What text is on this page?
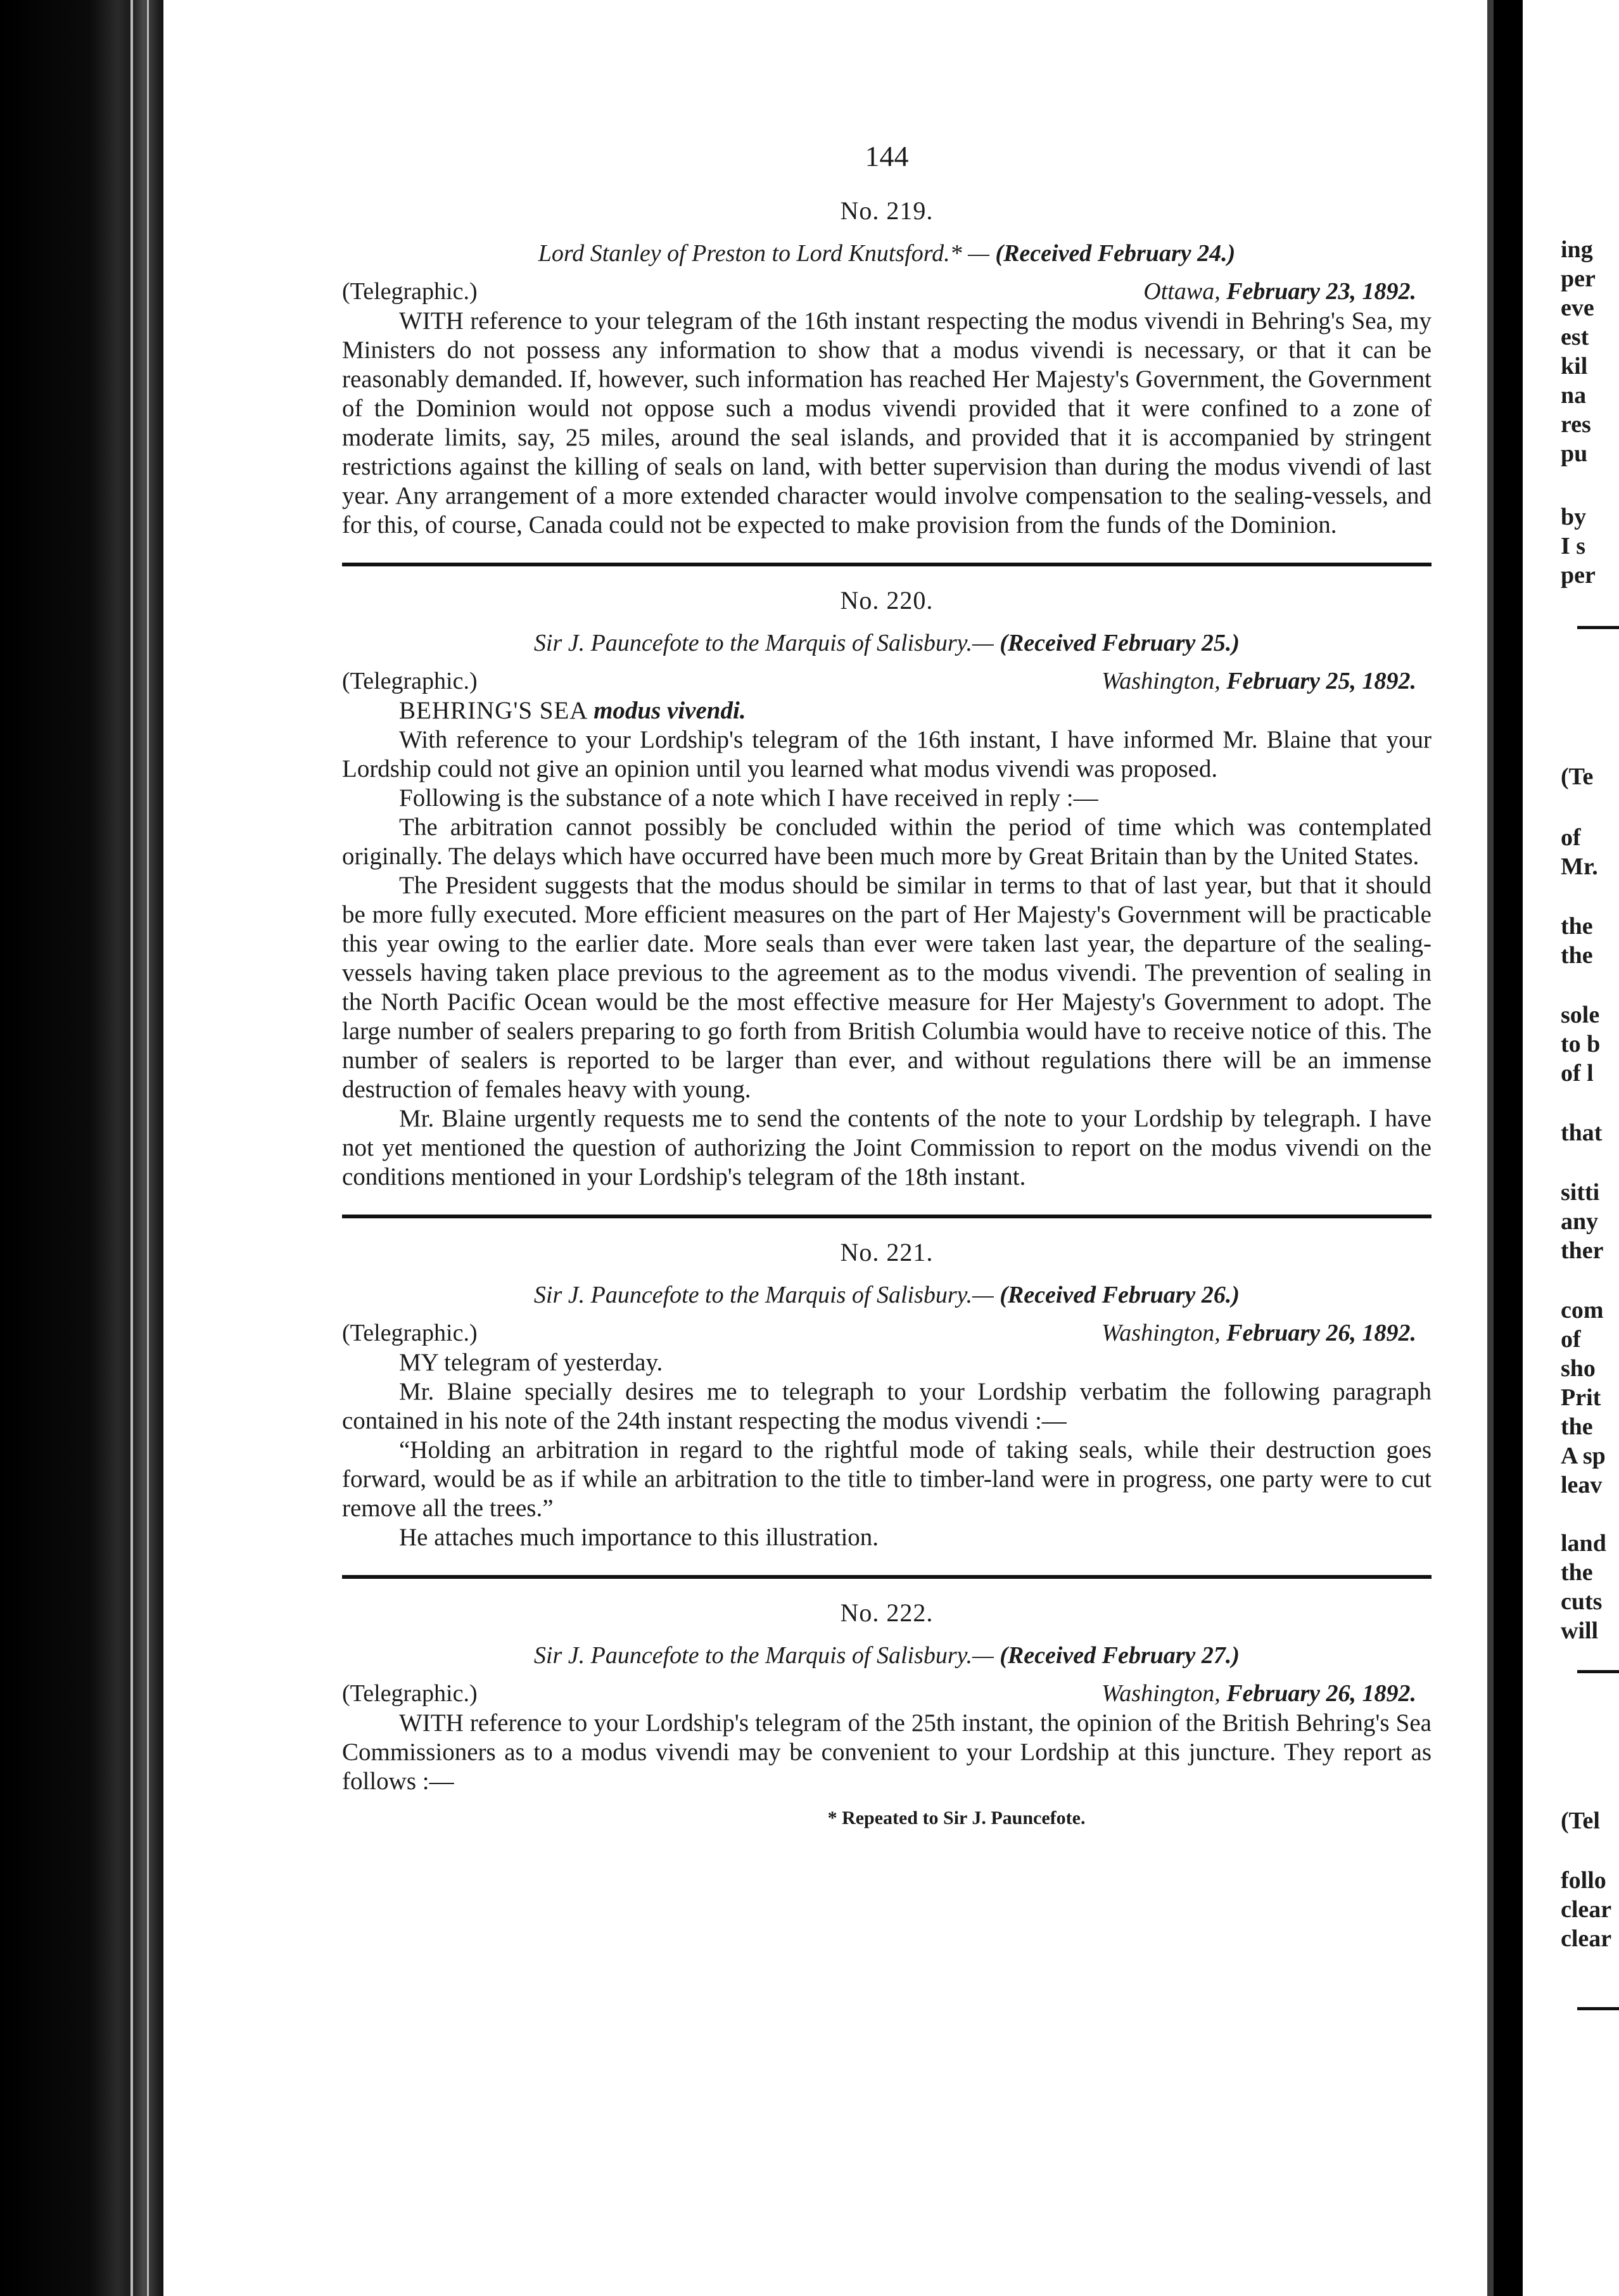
144
No. 219.
Lord Stanley of Preston to Lord Knutsford.* — (Received February 24.)
(Telegraphic.)	Ottawa, February 23, 1892.

WITH reference to your telegram of the 16th instant respecting the modus vivendi in Behring's Sea, my Ministers do not possess any information to show that a modus vivendi is necessary, or that it can be reasonably demanded. If, however, such information has reached Her Majesty's Government, the Government of the Dominion would not oppose such a modus vivendi provided that it were confined to a zone of moderate limits, say, 25 miles, around the seal islands, and provided that it is accompanied by stringent restrictions against the killing of seals on land, with better supervision than during the modus vivendi of last year. Any arrangement of a more extended character would involve compensation to the sealing-vessels, and for this, of course, Canada could not be expected to make provision from the funds of the Dominion.

No. 220.
Sir J. Pauncefote to the Marquis of Salisbury.— (Received February 25.)
(Telegraphic.)	Washington, February 25, 1892.

BEHRING'S SEA modus vivendi.

With reference to your Lordship's telegram of the 16th instant, I have informed Mr. Blaine that your Lordship could not give an opinion until you learned what modus vivendi was proposed.

Following is the substance of a note which I have received in reply :—

The arbitration cannot possibly be concluded within the period of time which was contemplated originally. The delays which have occurred have been much more by Great Britain than by the United States.

The President suggests that the modus should be similar in terms to that of last year, but that it should be more fully executed. More efficient measures on the part of Her Majesty's Government will be practicable this year owing to the earlier date. More seals than ever were taken last year, the departure of the sealing-vessels having taken place previous to the agreement as to the modus vivendi. The prevention of sealing in the North Pacific Ocean would be the most effective measure for Her Majesty's Government to adopt. The large number of sealers preparing to go forth from British Columbia would have to receive notice of this. The number of sealers is reported to be larger than ever, and without regulations there will be an immense destruction of females heavy with young.

Mr. Blaine urgently requests me to send the contents of the note to your Lordship by telegraph. I have not yet mentioned the question of authorizing the Joint Commission to report on the modus vivendi on the conditions mentioned in your Lordship's telegram of the 18th instant.

No. 221.
Sir J. Pauncefote to the Marquis of Salisbury.— (Received February 26.)
(Telegraphic.)	Washington, February 26, 1892.

MY telegram of yesterday.

Mr. Blaine specially desires me to telegraph to your Lordship verbatim the following paragraph contained in his note of the 24th instant respecting the modus vivendi :—

“Holding an arbitration in regard to the rightful mode of taking seals, while their destruction goes forward, would be as if while an arbitration to the title to timber-land were in progress, one party were to cut remove all the trees.”

He attaches much importance to this illustration.

No. 222.
Sir J. Pauncefote to the Marquis of Salisbury.— (Received February 27.)
(Telegraphic.)	Washington, February 26, 1892.

WITH reference to your Lordship's telegram of the 25th instant, the opinion of the British Behring's Sea Commissioners as to a modus vivendi may be convenient to your Lordship at this juncture. They report as follows :—

* Repeated to Sir J. Pauncefote.
ing
per
eve
est
kil
na
res
pu
by
I s
per
(Te
of
Mr.
the
the
sole
to b
of l
that
sitti
any
ther
com
of
sho
Prit
the
A sp
leav
land
the
cuts
will
(Tel
follo
clear
clear
